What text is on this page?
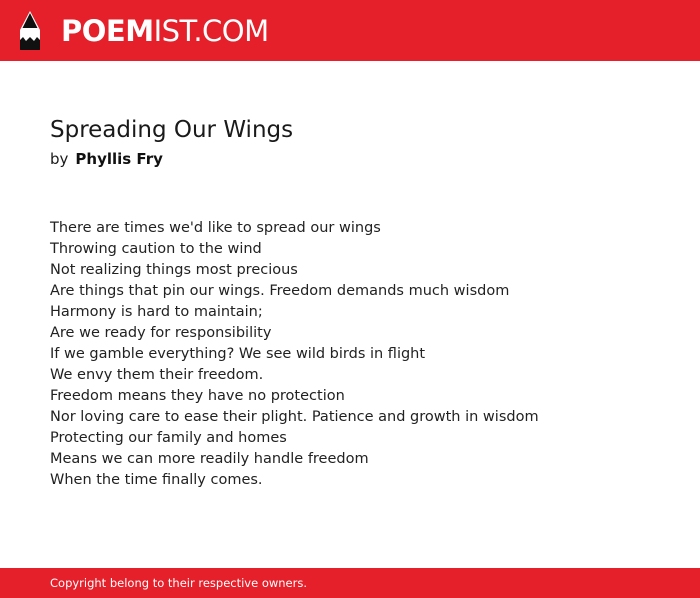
POEMIST.COM
Spreading Our Wings
by Phyllis Fry
There are times we'd like to spread our wings
Throwing caution to the wind
Not realizing things most precious
Are things that pin our wings. Freedom demands much wisdom
Harmony is hard to maintain;
Are we ready for responsibility
If we gamble everything? We see wild birds in flight
We envy them their freedom.
Freedom means they have no protection
Nor loving care to ease their plight. Patience and growth in wisdom
Protecting our family and homes
Means we can more readily handle freedom
When the time finally comes.
Copyright belong to their respective owners.
